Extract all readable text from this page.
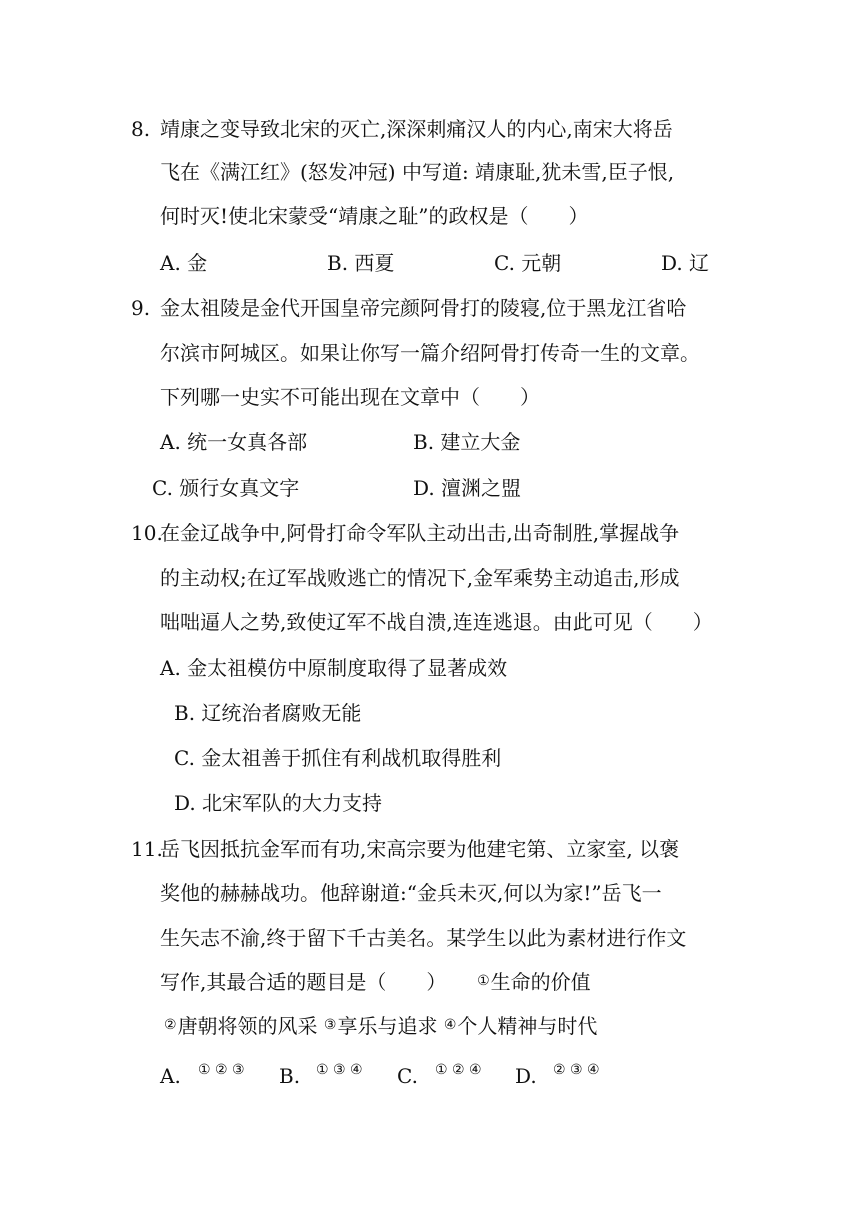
8. 靖康之变导致北宋的灭亡,深深刺痛汉人的内心,南宋大将岳
飞在《满江红》(怒发冲冠) 中写道: 靖康耻,犹未雪,臣子恨,
何时灭!使北宋蒙受“靖康之耻”的政权是（　　）
A. 金	B. 西夏	C. 元朝	D. 辽
9. 金太祖陵是金代开国皇帝完颜阿骨打的陵寝,位于黑龙江省哈
尔滨市阿城区。如果让你写一篇介绍阿骨打传奇一生的文章。
下列哪一史实不可能出现在文章中（　　）
A. 统一女真各部	B. 建立大金
C. 颁行女真文字	D. 澶渊之盟
10.
在金辽战争中,阿骨打命令军队主动出击,出奇制胜,掌握战争
的主动权;在辽军战败逃亡的情况下,金军乘势主动追击,形成
咄咄逼人之势,致使辽军不战自溃,连连逃退。由此可见（　　）
A. 金太祖模仿中原制度取得了显著成效
B. 辽统治者腐败无能
C. 金太祖善于抓住有利战机取得胜利
D. 北宋军队的大力支持
11.
岳飞因抵抗金军而有功,宋高宗要为他建宅第、立家室, 以褒
奖他的赫赫战功。他辞谢道:“金兵未灭,何以为家!”岳飞一
生矢志不渝,终于留下千古美名。某学生以此为素材进行作文
写作,其最合适的题目是（　　） ①生命的价值
②唐朝将领的风采 ③享乐与追求 ④个人精神与时代
A. ① ② ③	B. ① ③ ④	C. ① ② ④	D. ② ③ ④
